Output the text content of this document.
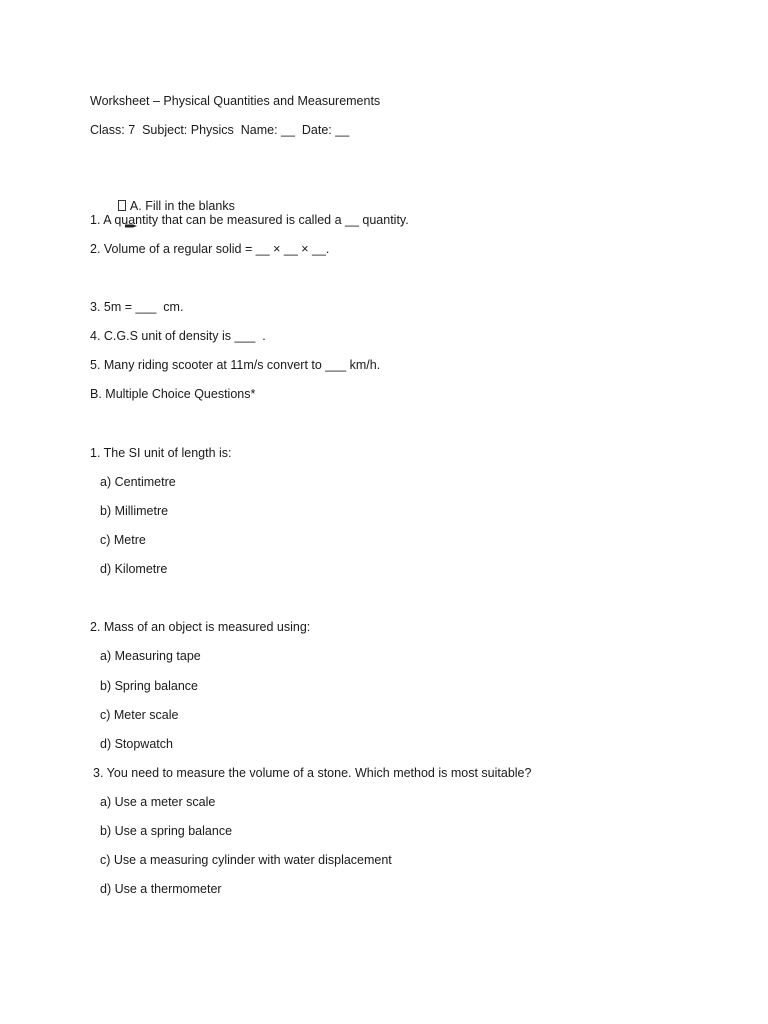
Worksheet – Physical Quantities and Measurements
Class: 7  Subject: Physics  Name: __  Date: __

A. Fill in the blanks

1. A quantity that can be measured is called a __ quantity.
2. Volume of a regular solid = __ × __ × __.
3. 5m = ___  cm.
4. C.G.S unit of density is ___  .
5. Many riding scooter at 11m/s convert to ___ km/h.
B. Multiple Choice Questions*
1. The SI unit of length is:
a) Centimetre
b) Millimetre
c) Metre
d) Kilometre
2. Mass of an object is measured using:
a) Measuring tape
b) Spring balance
c) Meter scale
d) Stopwatch
3. You need to measure the volume of a stone. Which method is most suitable?
a) Use a meter scale
b) Use a spring balance
c) Use a measuring cylinder with water displacement
d) Use a thermometer
